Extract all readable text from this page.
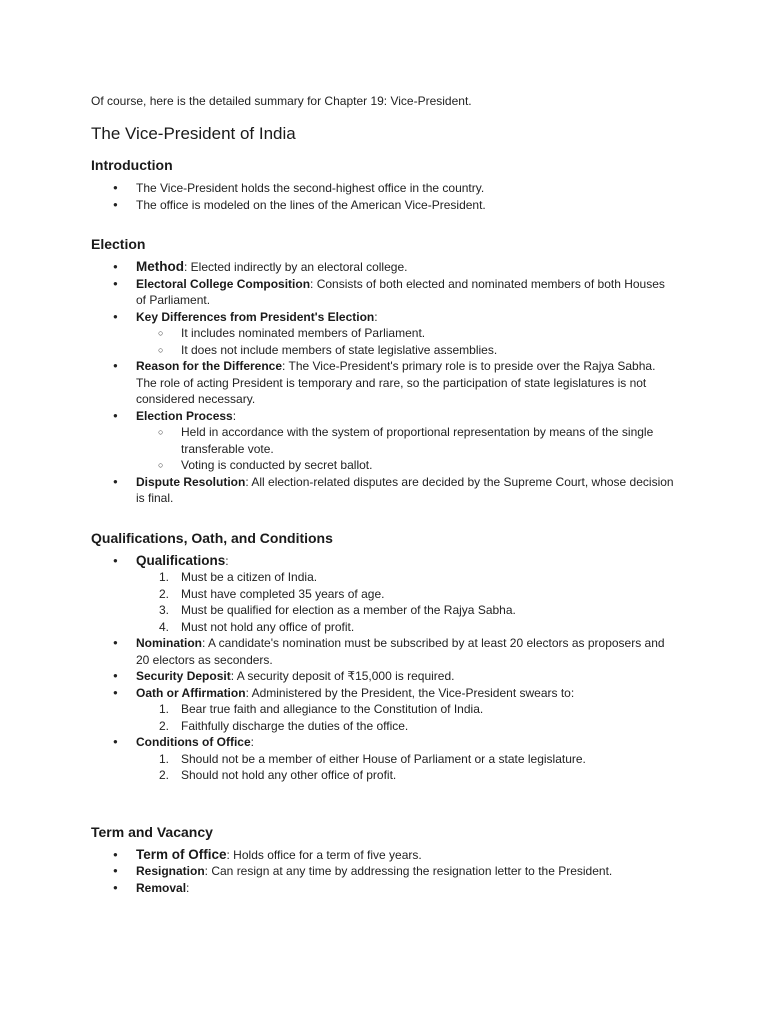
Of course, here is the detailed summary for Chapter 19: Vice-President.

The Vice-President of India
Introduction
● The Vice-President holds the second-highest office in the country.
● The office is modeled on the lines of the American Vice-President.
Election
● Method: Elected indirectly by an electoral college.
● Electoral College Composition: Consists of both elected and nominated members of both Houses of Parliament.
● Key Differences from President's Election:
○ It includes nominated members of Parliament.
○ It does not include members of state legislative assemblies.
● Reason for the Difference: The Vice-President's primary role is to preside over the Rajya Sabha. The role of acting President is temporary and rare, so the participation of state legislatures is not considered necessary.
● Election Process:
○ Held in accordance with the system of proportional representation by means of the single transferable vote.
○ Voting is conducted by secret ballot.
● Dispute Resolution: All election-related disputes are decided by the Supreme Court, whose decision is final.
Qualifications, Oath, and Conditions
● Qualifications:
1. Must be a citizen of India.
2. Must have completed 35 years of age.
3. Must be qualified for election as a member of the Rajya Sabha.
4. Must not hold any office of profit.
● Nomination: A candidate's nomination must be subscribed by at least 20 electors as proposers and 20 electors as seconders.
● Security Deposit: A security deposit of ₹15,000 is required.
● Oath or Affirmation: Administered by the President, the Vice-President swears to:
1. Bear true faith and allegiance to the Constitution of India.
2. Faithfully discharge the duties of the office.
● Conditions of Office:
1. Should not be a member of either House of Parliament or a state legislature.
2. Should not hold any other office of profit.
Term and Vacancy
● Term of Office: Holds office for a term of five years.
● Resignation: Can resign at any time by addressing the resignation letter to the President.
● Removal:
